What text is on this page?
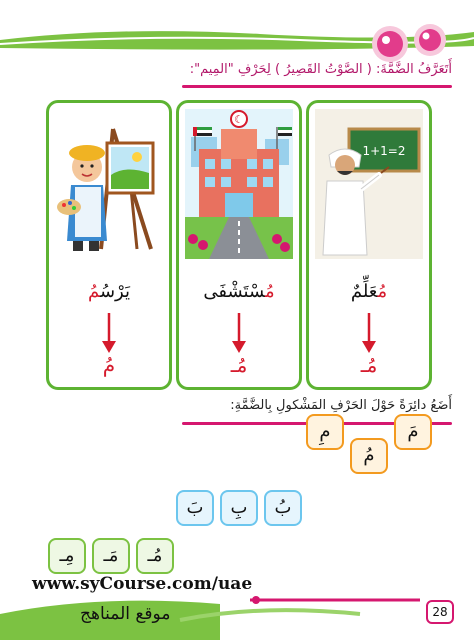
أَتَعَرَّفُ الضَّمَّةَ: ( الصَّوْتُ القَصِيرُ ) لِحَرْفِ "المِيم":
يَرْسُمُ
مُ
☾
مُسْتَشْفَى
مُـ
1+1=2
مُعَلِّمٌ
مُـ
أَضَعُ دائِرَةً حَوْلَ الحَرْفِ المَشْكولِ بِالضَّمَّةِ:
مَ
مُ
مِ
بُ
بِ
بَ
مُـ
مَـ
مِـ
www.syCourse.com/uae
موقع المناهج	28
